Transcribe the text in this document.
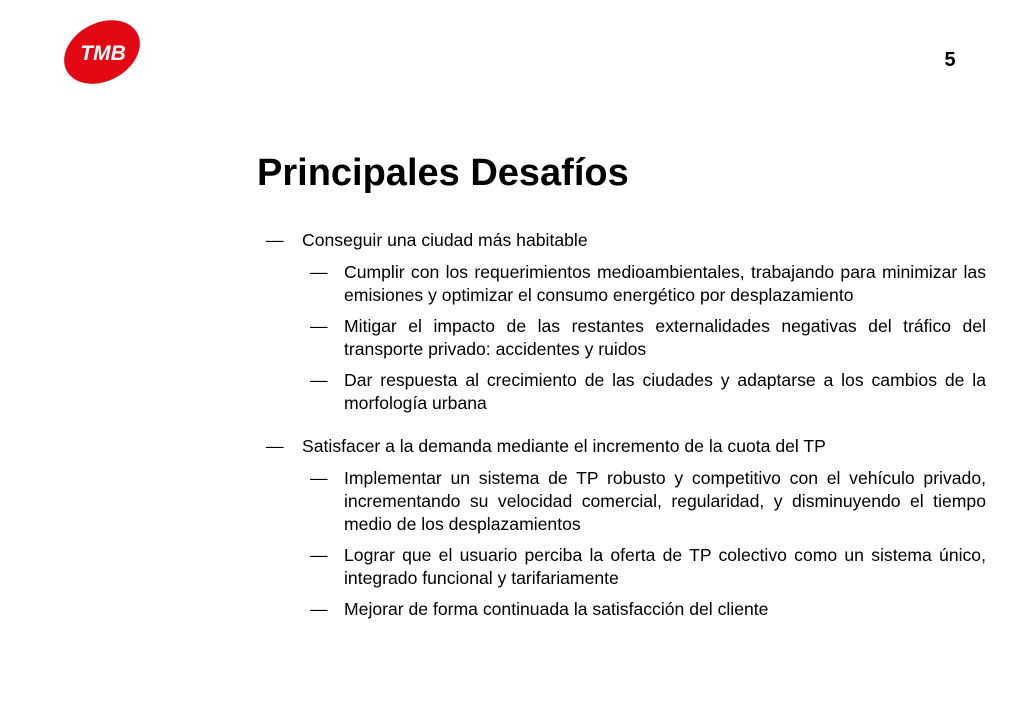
TMB	5
Principales Desafíos
—	Conseguir una ciudad más habitable
— Cumplir con los requerimientos medioambientales, trabajando para minimizar las emisiones y optimizar el consumo energético por desplazamiento
— Mitigar el impacto de las restantes externalidades negativas del tráfico del transporte privado: accidentes y ruidos
— Dar respuesta al crecimiento de las ciudades y adaptarse a los cambios de la morfología urbana
—	Satisfacer a la demanda mediante el incremento de la cuota del TP
— Implementar un sistema de TP robusto y competitivo con el vehículo privado, incrementando su velocidad comercial, regularidad, y disminuyendo el tiempo medio de los desplazamientos
— Lograr que el usuario perciba la oferta de TP colectivo como un sistema único, integrado funcional y tarifariamente
— Mejorar de forma continuada la satisfacción del cliente
